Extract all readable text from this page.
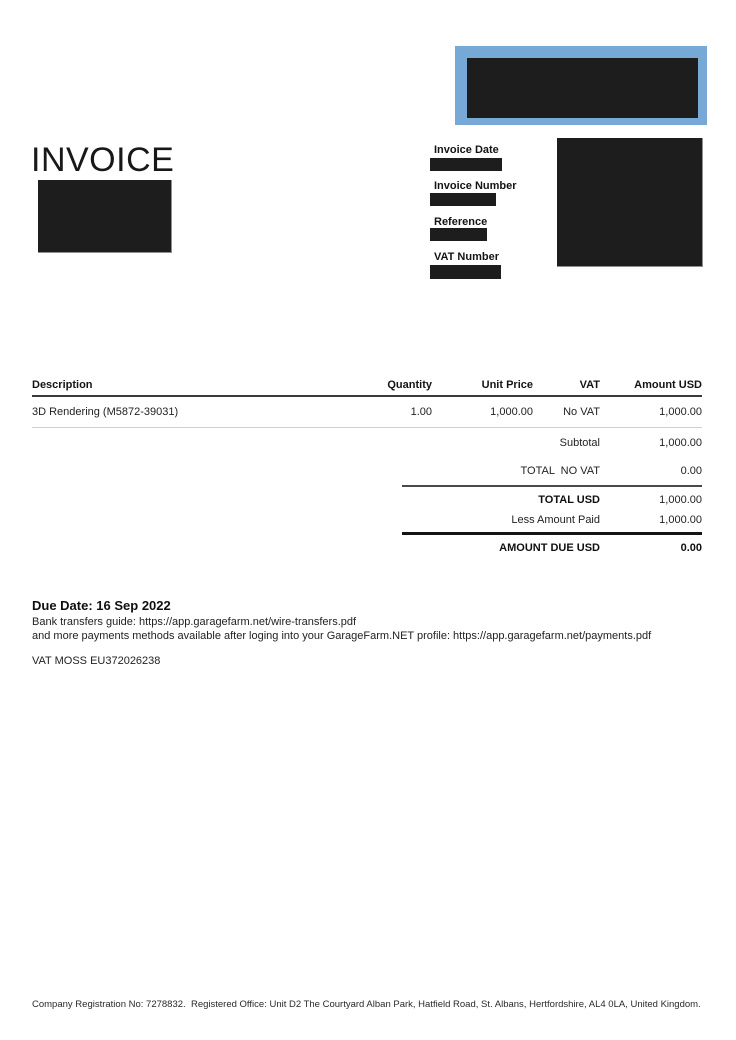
INVOICE	Invoice Date
Invoice Number
Reference
VAT Number
Description	Quantity	Unit Price	VAT	Amount USD
3D Rendering (M5872-39031)	1.00	1,000.00	No VAT	1,000.00
Subtotal	1,000.00
TOTAL  NO VAT	0.00
TOTAL USD	1,000.00
Less Amount Paid	1,000.00
AMOUNT DUE USD	0.00
Due Date: 16 Sep 2022
Bank transfers guide: https://app.garagefarm.net/wire-transfers.pdf
and more payments methods available after loging into your GarageFarm.NET profile: https://app.garagefarm.net/payments.pdf
VAT MOSS EU372026238
Company Registration No: 7278832.  Registered Office: Unit D2 The Courtyard Alban Park, Hatfield Road, St. Albans, Hertfordshire, AL4 0LA, United Kingdom.
